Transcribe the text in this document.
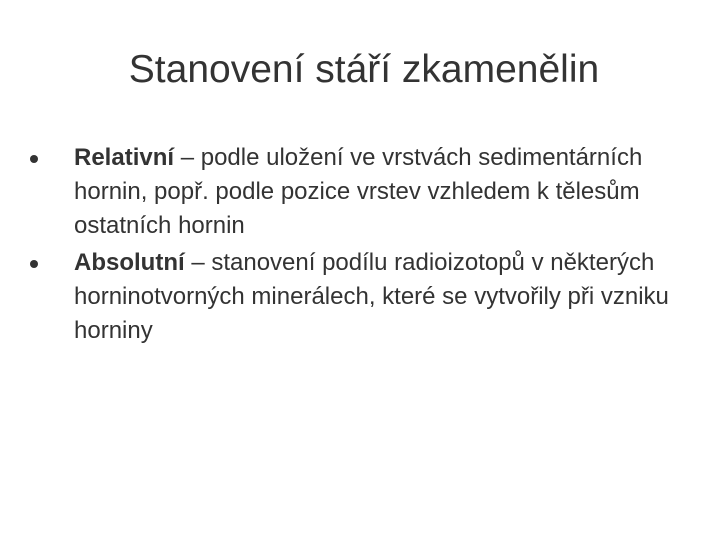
Stanovení stáří zkamenělin
Relativní – podle uložení ve vrstvách sedimentárních hornin, popř. podle pozice vrstev vzhledem k tělesům ostatních hornin
Absolutní – stanovení podílu radioizotopů v některých horninotvorných minerálech, které se vytvořily při vzniku horniny
